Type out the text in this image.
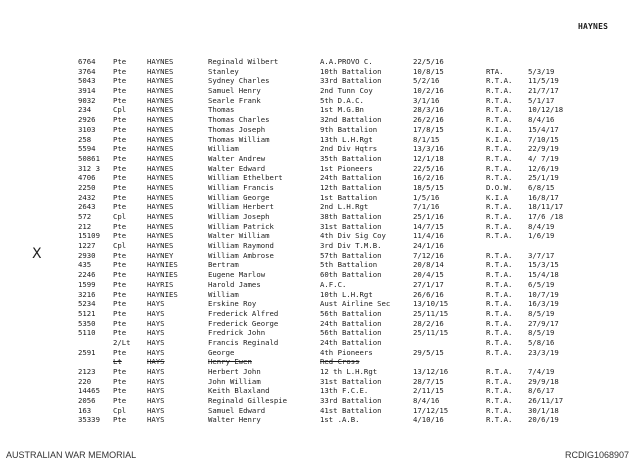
HAYNES
6764 Pte	HAYNES	Reginald Wilbert	A.A.PROVO C.	22/5/16
3764 Pte	HAYNES	Stanley	10th Battalion	10/8/15	RTA.	5/3/19
5043 Pte	HAYNES	Sydney Charles	33rd Battalion	5/2/16	R.T.A. 11/5/19
3914 Pte	HAYNES	Samuel Henry	2nd Tunn Coy	10/2/16	R.T.A. 21/7/17
9032 Pte	HAYNES	Searle Frank	5th D.A.C.	3/1/16	R.T.A. 5/1/17
234	Cpl	HAYNES	Thomas	1st M.G.Bn	28/3/16	R.T.A. 10/12/18
2926 Pte	HAYNES	Thomas Charles	32nd Battalion	26/2/16	R.T.A. 8/4/16
3103 Pte	HAYNES	Thomas Joseph	9th Battalion	17/8/15	K.I.A. 15/4/17
258	Pte	HAYNES	Thomas William	13th L.H.Rgt	8/1/15	K.I.A. 7/10/15
5594 Pte	HAYNES	William	2nd Div Hqtrs	13/3/16	R.T.A. 22/9/19
50861 Pte	HAYNES	Walter Andrew	35th Battalion	12/1/18	R.T.A. 4/ 7/19
312 3 Pte	HAYNES	Walter Edward	1st Pioneers	22/5/16	R.T.A. 12/6/19
4706 Pte	HAYNES	William Ethelbert	24th Battalion	16/2/16	R.T.A. 25/1/19
2250 Pte	HAYNES	William Francis	12th Battalion	18/5/15	D.O.W. 6/8/15
2432 Pte	HAYNES	William George	1st Battalion	1/5/16	K.I.A	16/8/17
2643 Pte	HAYNES	William Herbert	2nd L.H.Rgt	7/1/16	R.T.A. 18/11/17
572	Cpl	HAYNES	William Joseph	38th Battalion	25/1/16	R.T.A. 17/6 /18
212	Pte	HAYNES	William Patrick	31st Battalion	14/7/15	R.T.A. 8/4/19
15109 Pte	HAYNES	Walter William	4th Div Sig Coy	11/4/16	R.T.A. 1/6/19
1227 Cpl	HAYNES	William Raymond	3rd Div T.M.B.	24/1/16
2930 Pte	HAYNEY	William Ambrose	57th Battalion	7/12/16	R.T.A. 3/7/17
435	Pte	HAYNIES	Bertram	5th Battalion	20/8/14	R.T.A. 15/3/15
2246 Pte	HAYNIES	Eugene Marlow	60th Battalion	20/4/15	R.T.A. 15/4/18
1599 Pte	HAYRIS	Harold James	A.F.C.	27/1/17	R.T.A. 6/5/19
3216 Pte	HAYNIES	William	10th L.H.Rgt	26/6/16	R.T.A. 10/7/19
5234 Pte	HAYS	Erskine Roy	Aust Airline Sec	13/10/15	R.T.A. 16/3/19
5121 Pte	HAYS	Frederick Alfred	56th Battalion	25/11/15	R.T.A. 8/5/19
5350 Pte	HAYS	Frederick George	24th Battalion	28/2/16	R.T.A. 27/9/17
5110 Pte	HAYS	Fredrick John	56th Battalion	25/11/15	R.T.A. 8/5/19
2/Lt HAYS	Francis Reginald	24th Battalion	R.T.A. 5/8/16
2591 Pte	HAYS	George	4th Pioneers	29/5/15	R.T.A. 23/3/19
Lt	HAYS	Henry Ewen	Red Cross
2123 Pte	HAYS	Herbert John	12 th L.H.Rgt	13/12/16	R.T.A. 7/4/19
220	Pte	HAYS	John William	31st Battalion	28/7/15	R.T.A. 29/9/18
14465 Pte	HAYS	Keith Blaxland	13th F.C.E.	2/11/15	R.T.A. 8/6/17
2056 Pte	HAYS	Reginald Gillespie	33rd Battalion	8/4/16	R.T.A. 26/11/17
163	Cpl	HAYS	Samuel Edward	41st Battalion	17/12/15	R.T.A. 30/1/18
35339 Pte	HAYS	Walter Henry	1st .A.B.	4/10/16	R.T.A. 20/6/19
X
AUSTRALIAN WAR MEMORIAL	RCDIG1068907
